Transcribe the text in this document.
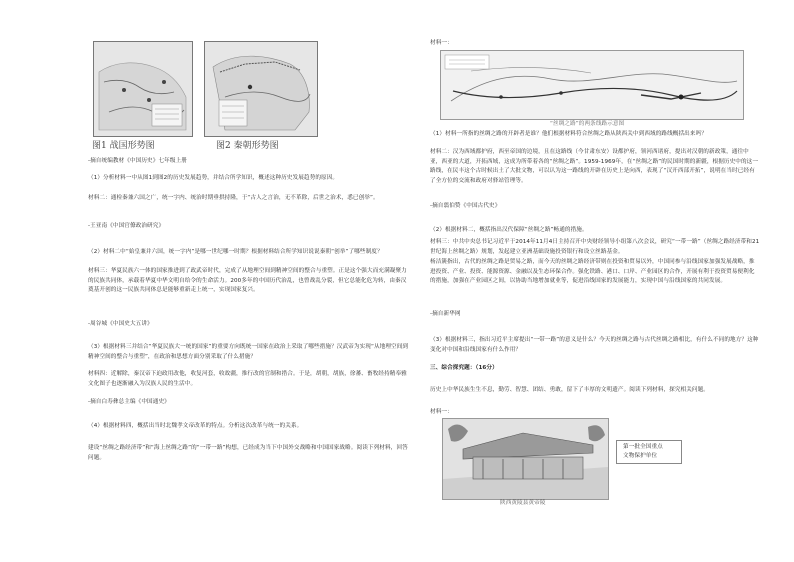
图1 战国形势图	图2 秦朝形势图
-摘自统编教材《中国历史》七年级上册
（1）分析材料一中从图1到图2的历史发展趋势，并结合所学知识，概述这种历史发展趋势的原因。
材料二：通检秦兼六国之广，统一字内、统治时期垂拱持隆，于“古人之言治，无不革除，后世之治术，悉已创举”。
-王亚南《中国官僚政治研究》
（2）材料二中“始皇兼并六国，统一字内”是哪一世纪哪一时期？根据材料结合所学知识说说秦朝“创举”了哪些制度？
材料三：华夏民族六一体的国家推进到了政武帝时代，完成了从地理空间到精神空间的整合与重塑。正是这个强大而充满凝聚力的民族共同体，承载着华夏中华文明自给令的生命活力。200多年的中国历代治乱，也曾战乱分裂，但它总能化危为转，由秦汉奠基开创的这一民族共同体总是能够重新走上统一，实现国家复兴。
-周谷城《中国史大五讲》
（3）根据材料三并结合“华夏民族大一统的国家”的重要方向既统一国家在政治上采取了哪些措施？汉武帝为实现“从地理空间到精神空间的整合与重塑”，在政治和思想方面分别采取了什么措施？
材料四：近解除，秦汉帝下迫政用改他，收复河套，收故疆，推行改的官制和措合。于是，胡朝，胡族，徐蕃、畜牧经持精奉雅文化图子也逐渐融入为汉族人民的生活中。
-摘自白寿彝总主编《中国通史》
（4）根据材料四，概括出当时北魏孝文帝改革的特点。分析这次改革与统一的关系。
建设“丝绸之路经济带”和“海上丝绸之路”的“一带一路”构想，已经成为当下中国外交战略和中国国家战略。阅读下列材料，回答问题。
材料一：
“丝绸之路”的两条线路示意图
（1）材料一所指的丝绸之路的开辟者是谁？他们根据材料符合丝绸之路从陕西关中到西域的路线概括出来吗？
材料二：汉为西域都护府，西至帝国的边境，且在这路线（今甘肃东安）设都护府，领河西诸府，提出对汉朝的新政策，通往中亚，西亚的大道，开拓西域，这成为所带着各的“丝绸之路”。1959-1969年，在“丝绸之路”的民国时期的新疆，根据历史中的这一路线，在民丰这个古时候出土了大批文物，可以认为这一路线的开辟在历史上是向西，表现了“汉开西部开拓”，说明在当时已经有了全方位的交流和政府对驿站管理等。
-摘自翦伯赞《中国古代史》
（2）根据材料二，概括指出汉代保障“丝绸之路”畅通的措施。
材料三：中共中央总书记习近平于2014年11月4日主持召开中央财经领导小组第八次会议，研究“一带一路”（丝绸之路经济带和21世纪海上丝绸之路）规划，发起建立亚洲基础设施投资银行和设立丝路基金。
杨洁篪指出，古代的丝绸之路是贸易之路，而今天的丝绸之路经济带则在投资和贸易以外，中国同参与沿线国家加强发展战略，推进投资、产业、投资、能源资源、金融以及生态环保合作。强化铁路、港口、口岸、产业园区的合作，开展有利于投资贸易便利化的措施，加强在产业园区之间，以协助当地增加就业等，促进沿线国家的发展能力，实现中国与沿线国家的共同发展。
-摘自新华网
（3）根据材料三，指出习近平主席提出“一带一路”的意义是什么？今天的丝绸之路与古代丝绸之路相比，有什么不同的地方？这种变化对中国和沿线国家有什么作用？
三、综合探究题：（16分）
历史上中华民族生生不息，勤劳、智慧、团结、勇敢，留下了丰厚的文明遗产。阅读下列材料，探究相关问题。
材料一：
陕西黄陵县黄帝陵
第一批全国重点
文物保护单位
